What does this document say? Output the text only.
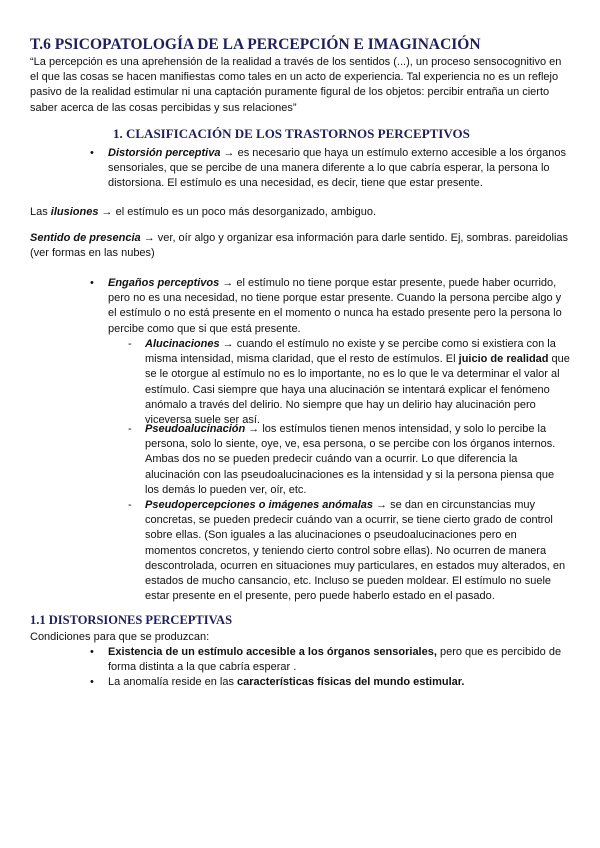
T.6 PSICOPATOLOGÍA DE LA PERCEPCIÓN E IMAGINACIÓN
“La percepción es una aprehensión de la realidad a través de los sentidos (...), un proceso sensocognitivo en el que las cosas se hacen manifiestas como tales en un acto de experiencia. Tal experiencia no es un reflejo pasivo de la realidad estimular ni una captación puramente figural de los objetos: percibir entraña un cierto saber acerca de las cosas percibidas y sus relaciones”
1. CLASIFICACIÓN DE LOS TRASTORNOS PERCEPTIVOS
• Distorsión perceptiva → es necesario que haya un estímulo externo accesible a los órganos sensoriales, que se percibe de una manera diferente a lo que cabría esperar, la persona lo distorsiona. El estímulo es una necesidad, es decir, tiene que estar presente.
Las ilusiones → el estímulo es un poco más desorganizado, ambiguo.
Sentido de presencia → ver, oír algo y organizar esa información para darle sentido. Ej, sombras. pareidolias (ver formas en las nubes)
• Engaños perceptivos → el estímulo no tiene porque estar presente, puede haber ocurrido, pero no es una necesidad, no tiene porque estar presente. Cuando la persona percibe algo y el estímulo o no está presente en el momento o nunca ha estado presente pero la persona lo percibe como que si que está presente.
- Alucinaciones → cuando el estímulo no existe y se percibe como si existiera con la misma intensidad, misma claridad, que el resto de estímulos. El juicio de realidad que se le otorgue al estímulo no es lo importante, no es lo que le va determinar el valor al estímulo. Casi siempre que haya una alucinación se intentará explicar el fenómeno anómalo a través del delirio. No siempre que hay un delirio hay alucinación pero viceversa suele ser así.
- Pseudoalucinación → los estímulos tienen menos intensidad, y solo lo percibe la persona, solo lo siente, oye, ve, esa persona, o se percibe con los órganos internos. Ambas dos no se pueden predecir cuándo van a ocurrir. Lo que diferencia la alucinación con las pseudoalucinaciones es la intensidad y si la persona piensa que los demás lo pueden ver, oír, etc.
- Pseudopercepciones o imágenes anómalas → se dan en circunstancias muy concretas, se pueden predecir cuándo van a ocurrir, se tiene cierto grado de control sobre ellas. (Son iguales a las alucinaciones o pseudoalucinaciones pero en momentos concretos, y teniendo cierto control sobre ellas). No ocurren de manera descontrolada, ocurren en situaciones muy particulares, en estados muy alterados, en estados de mucho cansancio, etc. Incluso se pueden moldear. El estímulo no suele estar presente en el presente, pero puede haberlo estado en el pasado.
1.1 DISTORSIONES PERCEPTIVAS
Condiciones para que se produzcan:
• Existencia de un estímulo accesible a los órganos sensoriales, pero que es percibido de forma distinta a la que cabría esperar .
• La anomalía reside en las características físicas del mundo estimular.
